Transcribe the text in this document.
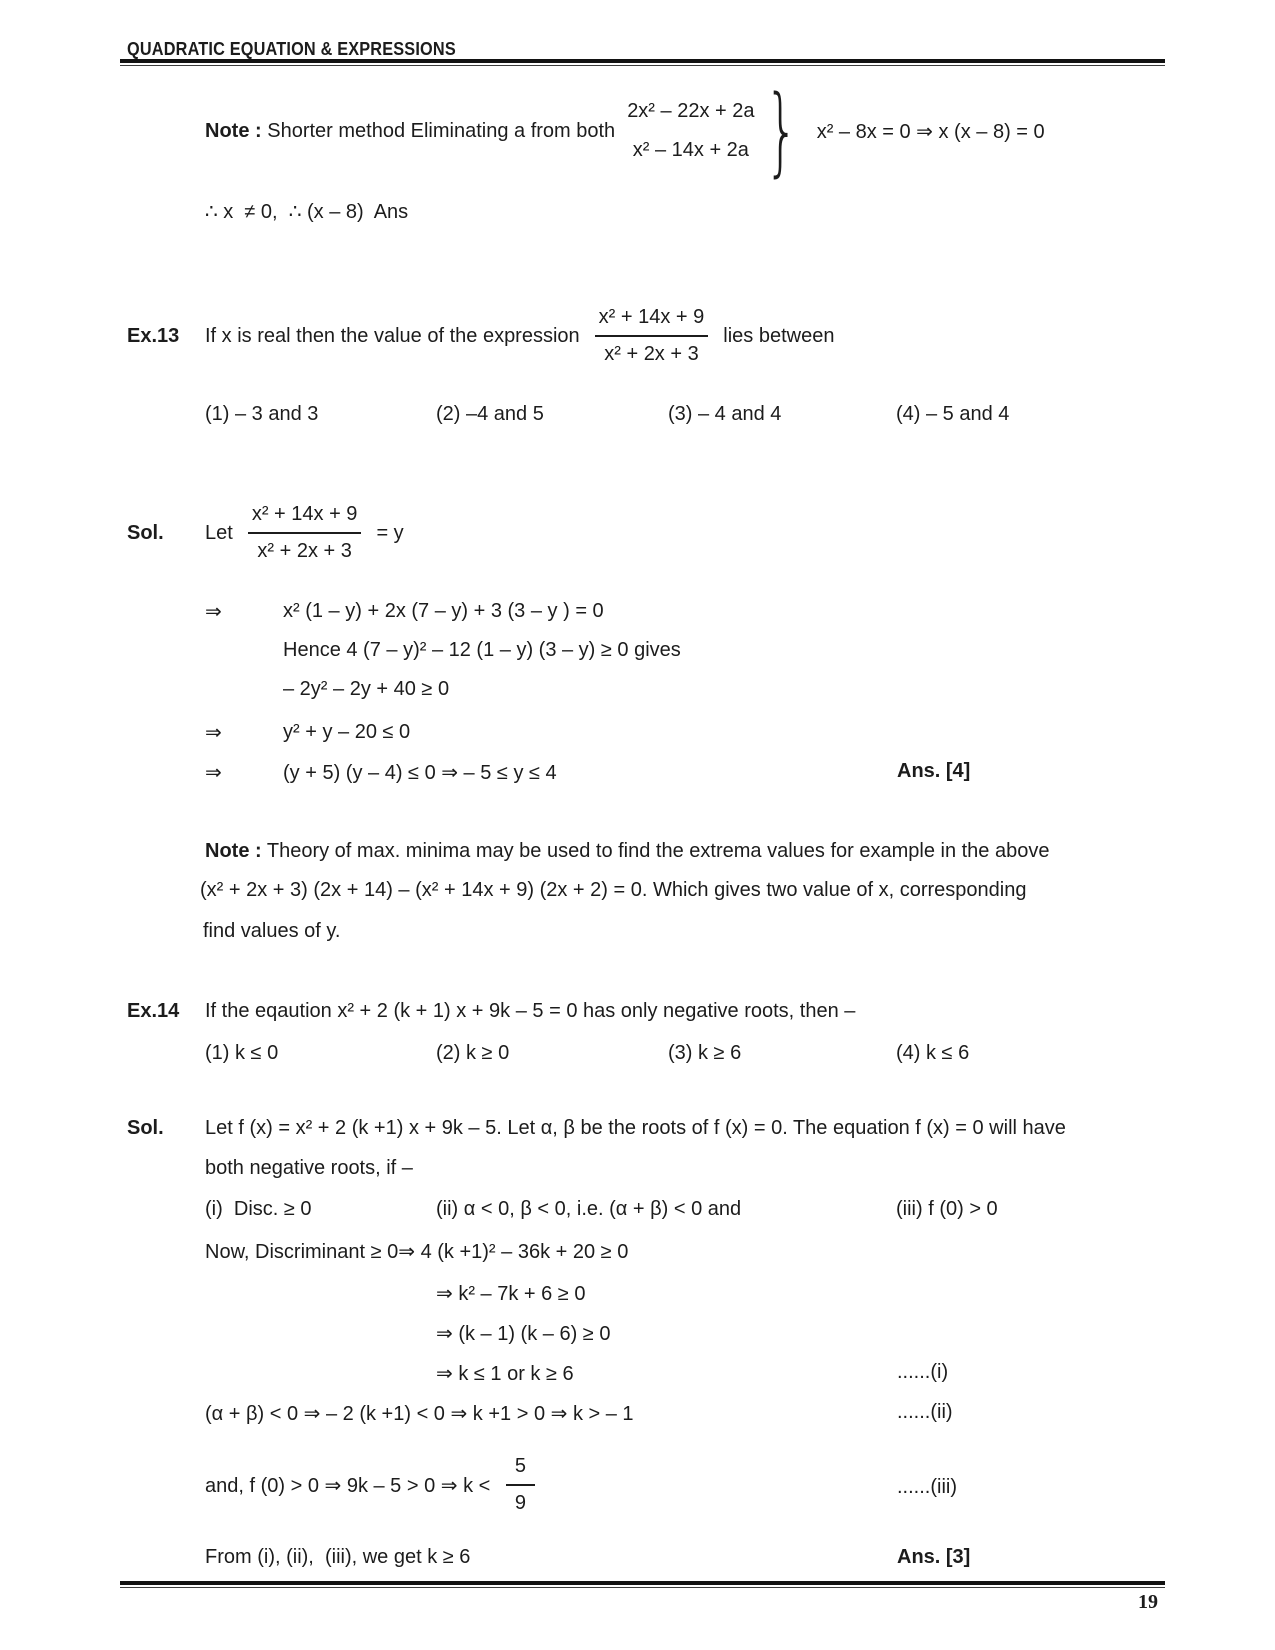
QUADRATIC EQUATION & EXPRESSIONS
Note : Shorter method Eliminating a from both
2x² – 22x + 2a
x² – 14x + 2a } x² – 8x = 0 ⇒ x (x – 8) = 0
∴ x  ≠ 0,  ∴ (x – 8)  Ans
Ex.13	If x is real then the value of the expression $\frac{\text{x² + 14x + 9}}{\text{x² + 2x + 3}}$ lies between
(1) – 3 and 3	(2) –4 and 5	(3) – 4 and 4	(4) – 5 and 4
Sol.	Let $\frac{\text{x² + 14x + 9}}{\text{x² + 2x + 3}} = y$
⇒	x² (1 – y) + 2x (7 – y) + 3 (3 – y ) = 0
Hence 4 (7 – y)² – 12 (1 – y) (3 – y) ≥ 0 gives
– 2y² – 2y + 40 ≥ 0
⇒	y² + y – 20 ≤ 0
⇒	(y + 5) (y – 4) ≤ 0 ⇒ – 5 ≤ y ≤ 4	Ans. [4]
Note : Theory of max. minima may be used to find the extrema values for example in the above
(x² + 2x + 3) (2x + 14) – (x² + 14x + 9) (2x + 2) = 0. Which gives two value of x, corresponding
find values of y.
Ex.14	If the eqaution x² + 2 (k + 1) x + 9k – 5 = 0 has only negative roots, then –
(1) k ≤ 0	(2) k ≥ 0	(3) k ≥ 6	(4) k ≤ 6
Sol.	Let f (x) = x² + 2 (k +1) x + 9k – 5. Let α, β be the roots of f (x) = 0. The equation f (x) = 0 will have
both negative roots, if –
(i)  Disc. ≥ 0	(ii) α < 0, β < 0, i.e. (α + β) < 0 and	(iii) f (0) > 0
Now, Discriminant ≥ 0⇒ 4 (k +1)² – 36k + 20 ≥ 0
⇒ k² – 7k + 6 ≥ 0
⇒ (k – 1) (k – 6) ≥ 0
⇒ k ≤ 1 or k ≥ 6	......(i)
(α + β) < 0 ⇒ – 2 (k +1) < 0 ⇒ k +1 > 0 ⇒ k > – 1	......(ii)
and, f (0) > 0 ⇒ 9k – 5 > 0 ⇒ $k < \frac{5}{9}$	......(iii)
From (i), (ii),  (iii), we get k ≥ 6	Ans. [3]
19
